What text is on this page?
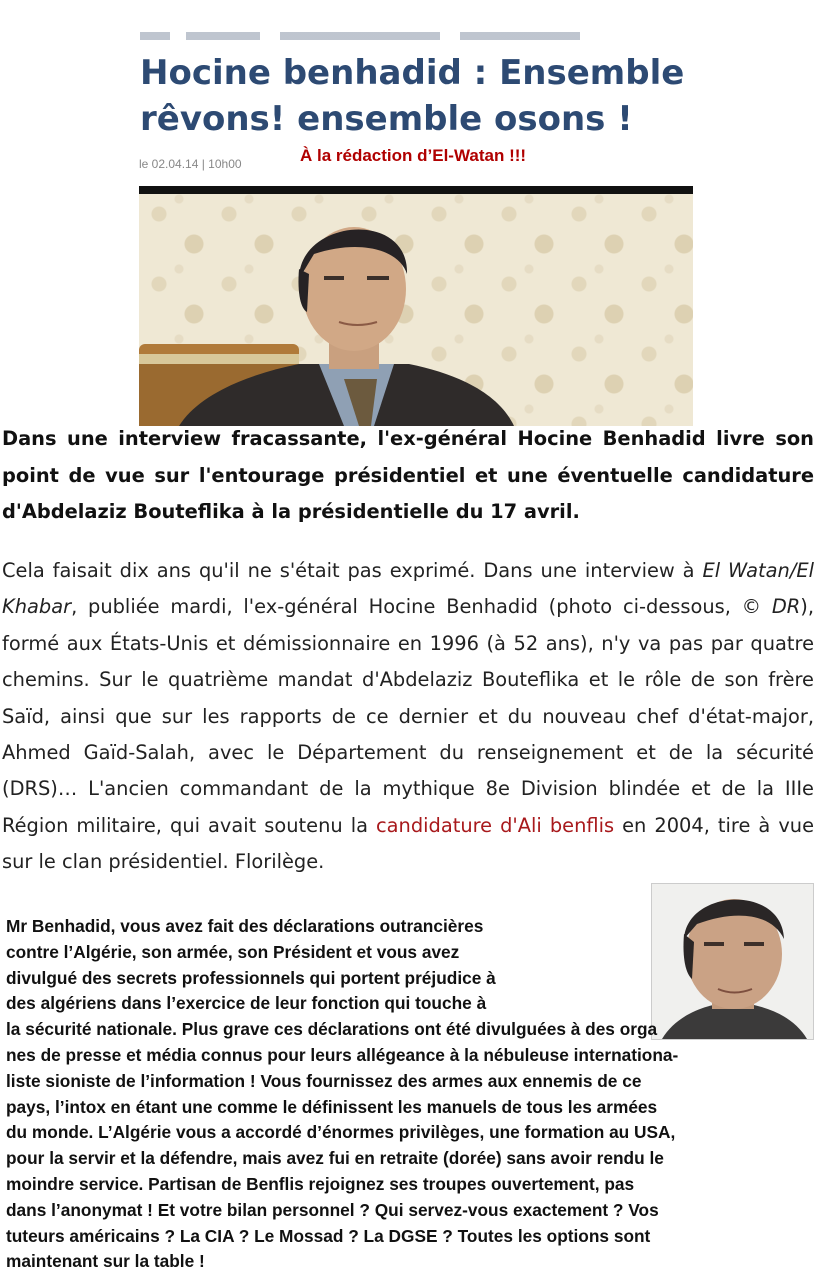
Hocine benhadid : Ensemble
rêvons! ensemble osons !
le 02.04.14 | 10h00	À la rédaction d’El-Watan !!!

Dans une interview fracassante, l'ex-général Hocine Benhadid livre son point de vue sur l'entourage présidentiel et une éventuelle candidature d'Abdelaziz Bouteflika à la présidentielle du 17 avril.

Cela faisait dix ans qu'il ne s'était pas exprimé. Dans une interview à El Watan/El Khabar, publiée mardi, l'ex-général Hocine Benhadid (photo ci-dessous, © DR), formé aux États-Unis et démissionnaire en 1996 (à 52 ans), n'y va pas par quatre chemins. Sur le quatrième mandat d'Abdelaziz Bouteflika et le rôle de son frère Saïd, ainsi que sur les rapports de ce dernier et du nouveau chef d'état-major, Ahmed Gaïd-Salah, avec le Département du renseignement et de la sécurité (DRS)… L'ancien commandant de la mythique 8e Division blindée et de la IIIe Région militaire, qui avait soutenu la candidature d'Ali benflis en 2004, tire à vue sur le clan présidentiel. Florilège.

Mr Benhadid, vous avez fait des déclarations outrancières
contre l’Algérie, son armée, son Président et vous avez
divulgué des secrets professionnels qui portent préjudice à
des algériens dans l’exercice de leur fonction qui touche à
la sécurité nationale. Plus grave ces déclarations ont été divulguées à des orga
nes de presse et média connus pour leurs allégeance à la nébuleuse internationa-
liste sioniste de l’information ! Vous fournissez des armes aux ennemis de ce
pays, l’intox en étant une comme le définissent les manuels de tous les armées
du monde. L’Algérie vous a accordé d’énormes privilèges, une formation au USA,
pour la servir et la défendre, mais avez fui en retraite (dorée) sans avoir rendu le
moindre service. Partisan de Benflis rejoignez ses troupes ouvertement, pas
dans l’anonymat ! Et votre bilan personnel ? Qui servez-vous exactement ? Vos
tuteurs américains ? La CIA ? Le Mossad ? La DGSE ? Toutes les options sont
maintenant sur la table !
